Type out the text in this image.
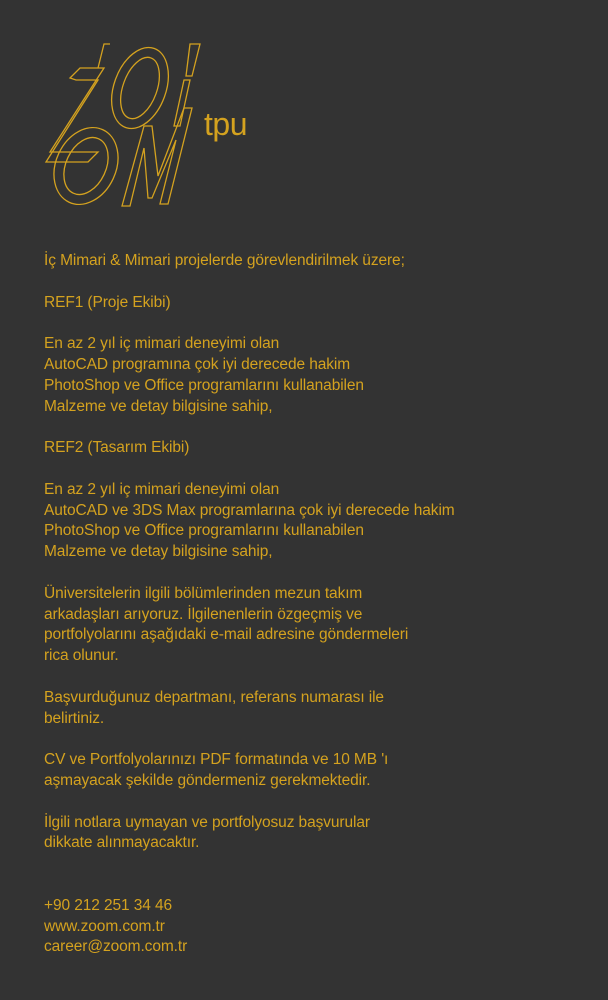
tpu

İç Mimari & Mimari projelerde görevlendirilmek üzere;

REF1 (Proje Ekibi)

En az 2 yıl iç mimari deneyimi olan
AutoCAD programına çok iyi derecede hakim
PhotoShop ve Office programlarını kullanabilen
Malzeme ve detay bilgisine sahip,

REF2 (Tasarım Ekibi)

En az 2 yıl iç mimari deneyimi olan
AutoCAD ve 3DS Max programlarına çok iyi derecede hakim
PhotoShop ve Office programlarını kullanabilen
Malzeme ve detay bilgisine sahip,

Üniversitelerin ilgili bölümlerinden mezun takım
arkadaşları arıyoruz. İlgilenenlerin özgeçmiş ve
portfolyolarını aşağıdaki e-mail adresine göndermeleri
rica olunur.

Başvurduğunuz departmanı, referans numarası ile
belirtiniz.

CV ve Portfolyolarınızı PDF formatında ve 10 MB 'ı
aşmayacak şekilde göndermeniz gerekmektedir.

İlgili notlara uymayan ve portfolyosuz başvurular
dikkate alınmayacaktır.

+90 212 251 34 46
www.zoom.com.tr
career@zoom.com.tr
